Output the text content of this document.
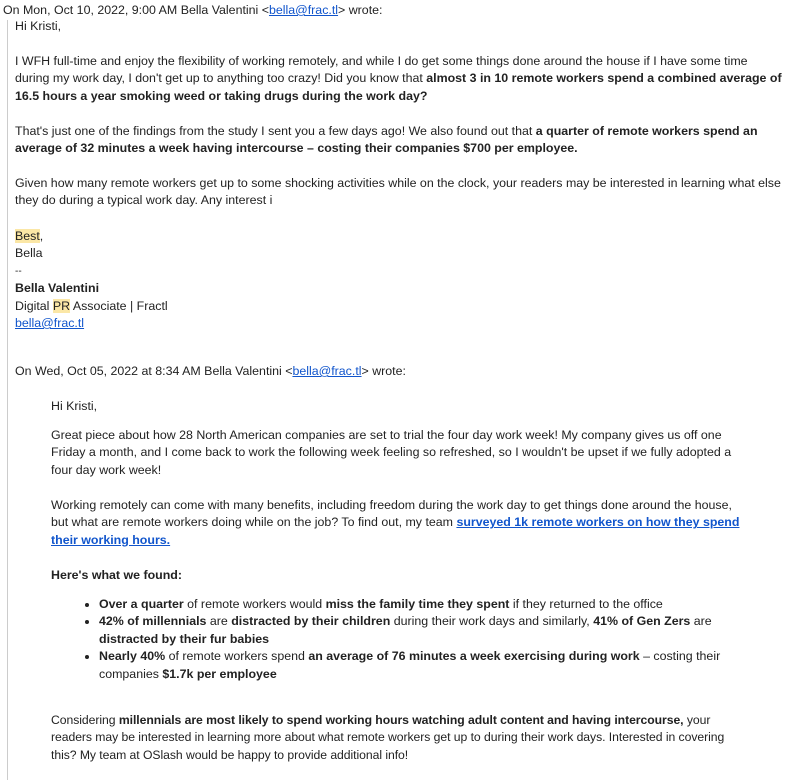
On Mon, Oct 10, 2022, 9:00 AM Bella Valentini <bella@frac.tl> wrote:
Hi Kristi,
I WFH full-time and enjoy the flexibility of working remotely, and while I do get some things done around the house if I have some time during my work day, I don't get up to anything too crazy! Did you know that almost 3 in 10 remote workers spend a combined average of 16.5 hours a year smoking weed or taking drugs during the work day?
That's just one of the findings from the study I sent you a few days ago! We also found out that a quarter of remote workers spend an average of 32 minutes a week having intercourse – costing their companies $700 per employee.
Given how many remote workers get up to some shocking activities while on the clock, your readers may be interested in learning what else they do during a typical work day. Any interest i
Best,
Bella
--
Bella Valentini
Digital PR Associate | Fractl
bella@frac.tl
On Wed, Oct 05, 2022 at 8:34 AM Bella Valentini <bella@frac.tl> wrote:
Hi Kristi,
Great piece about how 28 North American companies are set to trial the four day work week! My company gives us off one Friday a month, and I come back to work the following week feeling so refreshed, so I wouldn't be upset if we fully adopted a four day work week!
Working remotely can come with many benefits, including freedom during the work day to get things done around the house, but what are remote workers doing while on the job? To find out, my team surveyed 1k remote workers on how they spend their working hours.
Here's what we found:
• Over a quarter of remote workers would miss the family time they spent if they returned to the office
• 42% of millennials are distracted by their children during their work days and similarly, 41% of Gen Zers are distracted by their fur babies
• Nearly 40% of remote workers spend an average of 76 minutes a week exercising during work – costing their companies $1.7k per employee
Considering millennials are most likely to spend working hours watching adult content and having intercourse, your readers may be interested in learning more about what remote workers get up to during their work days. Interested in covering this? My team at OSlash would be happy to provide additional info!
